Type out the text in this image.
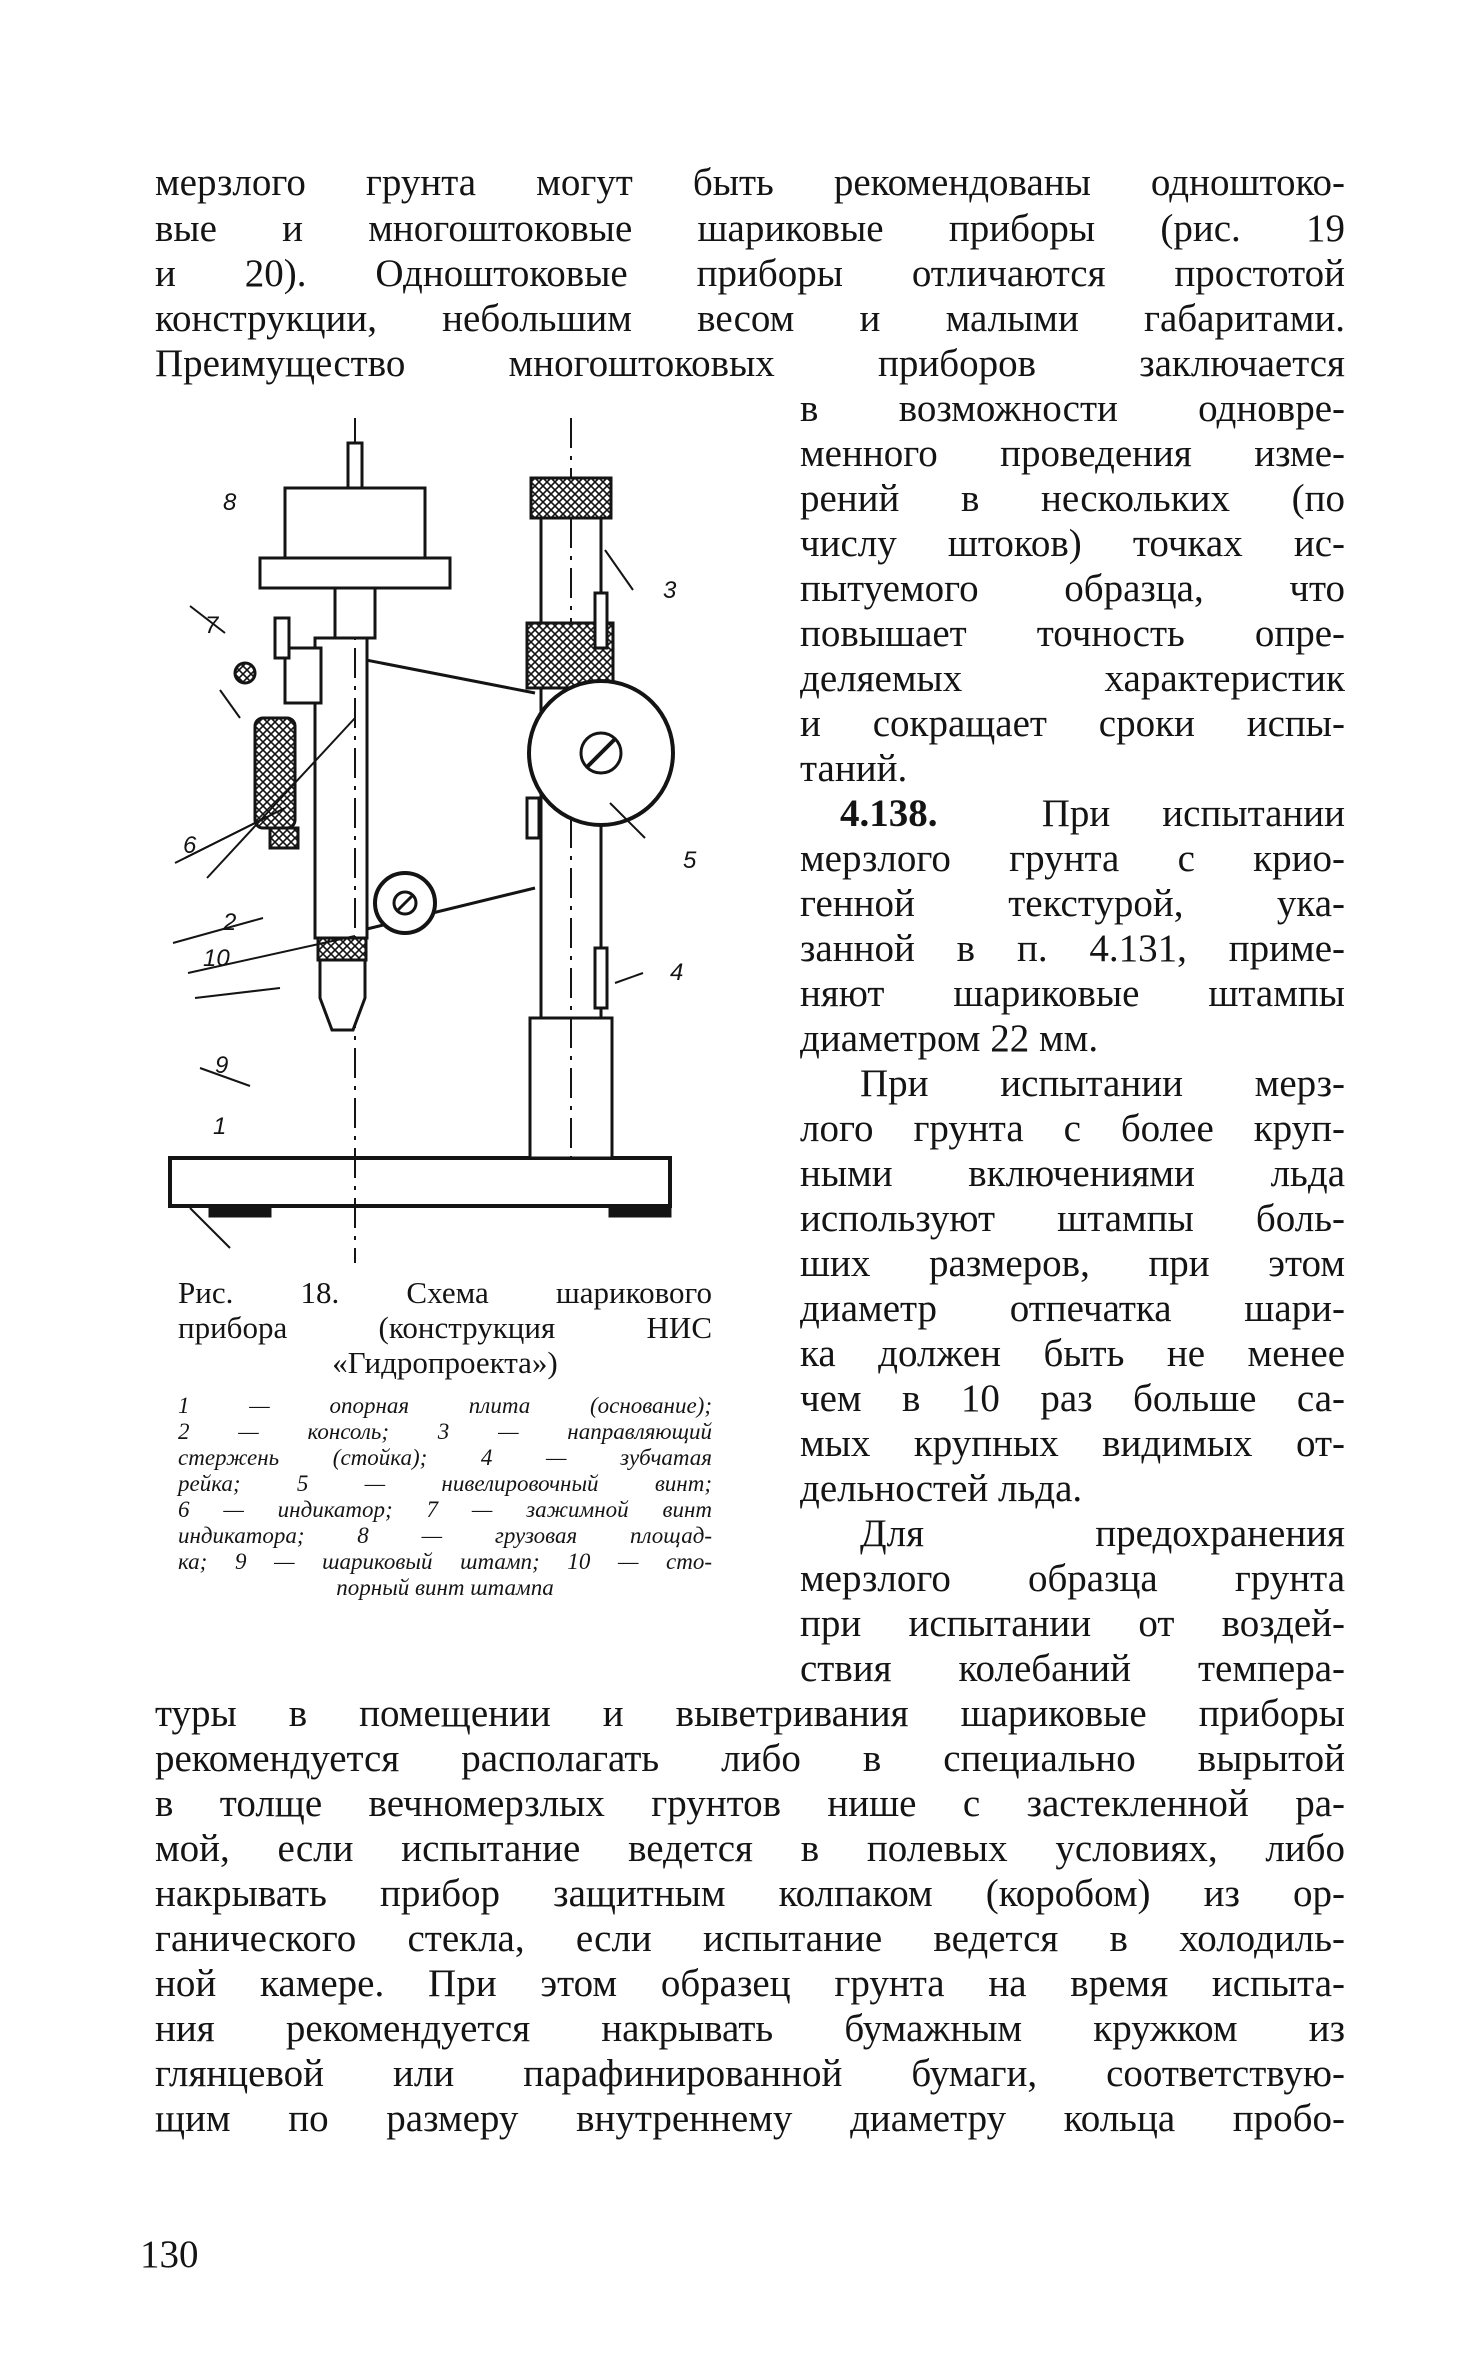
мерзлого грунта могут быть рекомендованы одноштоко-
вые и многоштоковые шариковые приборы (рис. 19
и 20). Одноштоковые приборы отличаются простотой
конструкции, небольшим весом и малыми габаритами.
Преимущество многоштоковых приборов заключается
в возможности одновре-
менного проведения изме-
рений в нескольких (по
числу штоков) точках ис-
пытуемого образца, что
повышает точность опре-
деляемых характеристик
и сокращает сроки испы-
таний.
4.138.	При испытании
мерзлого грунта с крио-
генной текстурой, ука-
занной в п. 4.131, приме-
няют шариковые штампы
диаметром 22 мм.
При испытании мерз-
лого грунта с более круп-
ными включениями льда
используют штампы боль-
ших размеров, при этом
диаметр отпечатка шари-
ка должен быть не менее
чем в 10 раз больше са-
мых крупных видимых от-
дельностей льда.
Для предохранения
мерзлого образца грунта
при испытании от воздей-
ствия колебаний темпера-
туры в помещении и выветривания шариковые приборы
рекомендуется располагать либо в специально вырытой
в толще вечномерзлых грунтов нише с застекленной ра-
мой, если испытание ведется в полевых условиях, либо
накрывать прибор защитным колпаком (коробом) из ор-
ганического стекла, если испытание ведется в холодиль-
ной камере. При этом образец грунта на время испыта-
ния рекомендуется накрывать бумажным кружком из
глянцевой или парафинированной бумаги, соответствую-
щим по размеру внутреннему диаметру кольца пробо-
8
7
6
2
10
9
1
3
5
4
Рис. 18. Схема шарикового
прибора (конструкция НИС
«Гидропроекта»)
1 — опорная плита (основание);
2 — консоль; 3 — направляющий
стержень (стойка); 4 — зубчатая
рейка; 5 — нивелировочный винт;
6 — индикатор; 7 — зажимной винт
индикатора; 8 — грузовая площад-
ка; 9 — шариковый штамп; 10 — сто-
порный винт штампа
130
